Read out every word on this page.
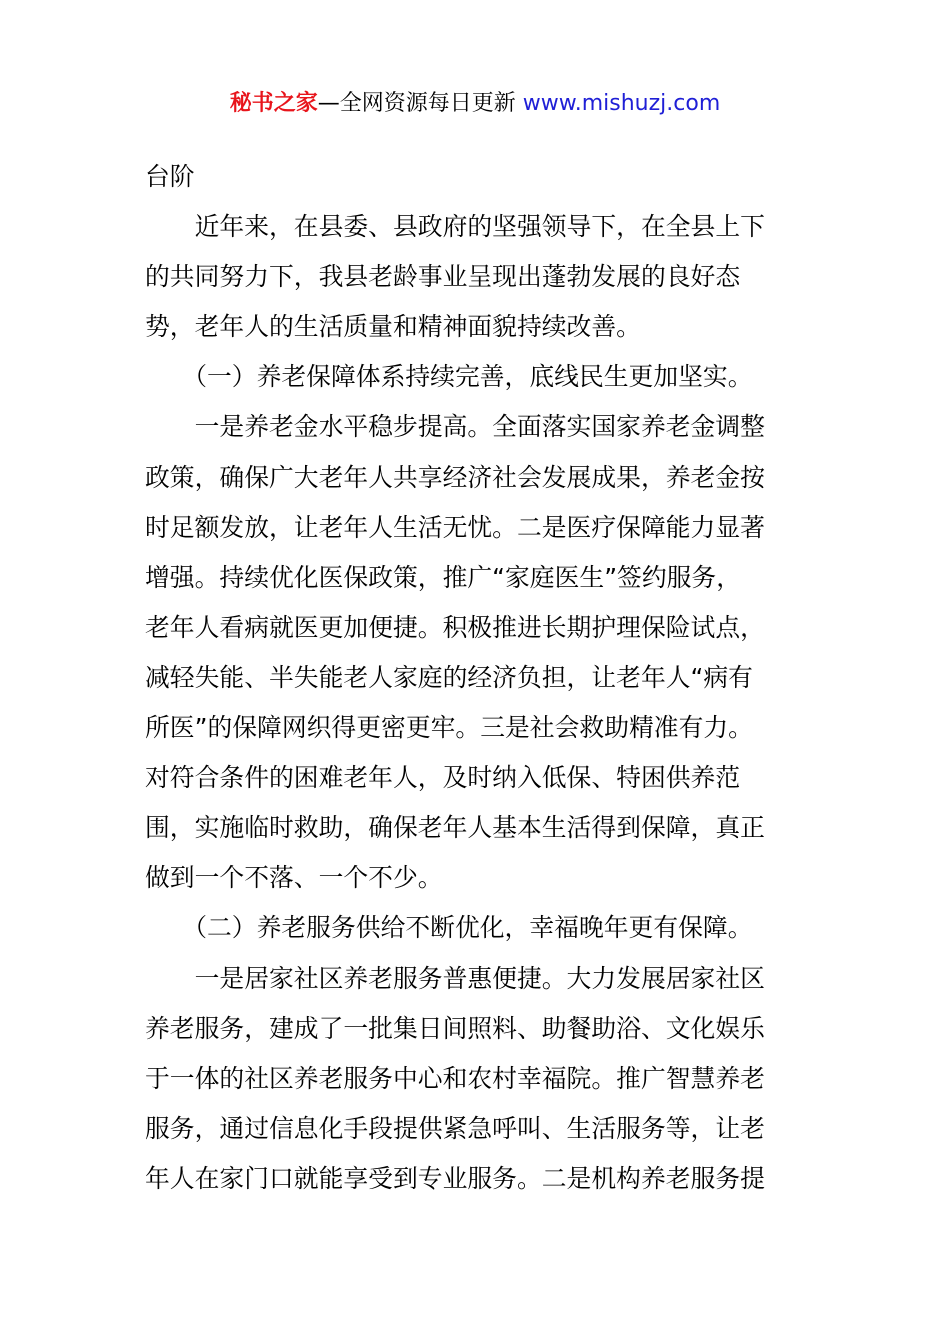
秘书之家—全网资源每日更新 www.mishuzj.com
台阶
　　近年来，在县委、县政府的坚强领导下，在全县上下
的共同努力下，我县老龄事业呈现出蓬勃发展的良好态
势，老年人的生活质量和精神面貌持续改善。
　　（一）养老保障体系持续完善，底线民生更加坚实。
　　一是养老金水平稳步提高。全面落实国家养老金调整
政策，确保广大老年人共享经济社会发展成果，养老金按
时足额发放，让老年人生活无忧。二是医疗保障能力显著
增强。持续优化医保政策，推广“家庭医生”签约服务，
老年人看病就医更加便捷。积极推进长期护理保险试点，
减轻失能、半失能老人家庭的经济负担，让老年人“病有
所医”的保障网织得更密更牢。三是社会救助精准有力。
对符合条件的困难老年人，及时纳入低保、特困供养范
围，实施临时救助，确保老年人基本生活得到保障，真正
做到一个不落、一个不少。
　　（二）养老服务供给不断优化，幸福晚年更有保障。
　　一是居家社区养老服务普惠便捷。大力发展居家社区
养老服务，建成了一批集日间照料、助餐助浴、文化娱乐
于一体的社区养老服务中心和农村幸福院。推广智慧养老
服务，通过信息化手段提供紧急呼叫、生活服务等，让老
年人在家门口就能享受到专业服务。二是机构养老服务提
